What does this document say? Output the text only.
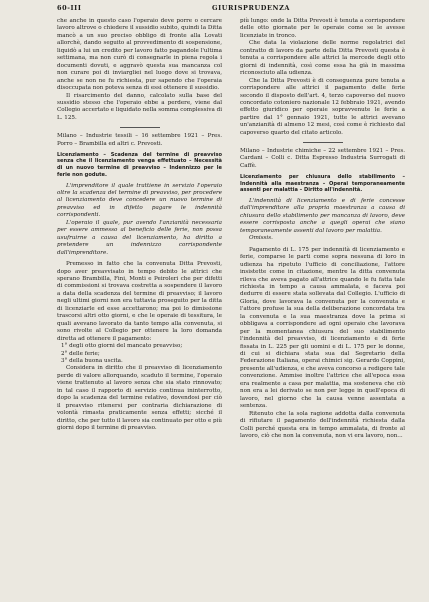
60-III	GIURISPRUDENZA

che anche in questo caso l'operaio deve porre o cercare lavoro altrove o chiedere il sussidio subito, quindi la Ditta mancò a un suo preciso obbligo di fronte alla Lovati allorchè, dando seguito al provvedimento di sospensione, liquidò a lui un credito per lavoro fatto pagandole l'ultima settimana, ma non curò di consegnarle in piena regola i documenti dovuti, e aggravò questa sua mancanza col non curare poi di inviargliei nel luogo dove si trovava, anche se non ne fu richiesta, pur sapendo che l'operaia disoccupata non poteva senza di essi ottenere il sussidio.

Il risarcimento del danno, calcolato sulla base del sussidio stesso che l'operaio ebbe a perdere, viene dal Collegio accertato e liquidato nella somma complessiva di L. 125.

Milano – Industrie tessili – 16 settembre 1921 – Pres. Porro – Brambilla ed altri c. Prevosti.
Licenziamento – Scadenza del termine di preavviso senza che il licenziamento venga effettuato – Necessità di un nuovo termine di preavviso – Indennizzo per le ferie non godute.

L'imprenditore il quale trattiene in servizio l'operaio oltre la scadenza del termine di preavviso, per procedere al licenziamento deve concedere un nuovo termine di preavviso ed in difetto pagare le indennità corrispondenti.

L'operaio il quale, pur avendo l'anzianità necessaria per essere ammesso al beneficio delle ferie, non possa usufruirne a causa del licenziamento, ha diritto a pretendere un indennizzo corrispondente dall'imprenditore.

Premesso in fatto che la convenuta Ditta Prevosti, dopo aver preavvisato in tempo debito le attrici che sperano Brambilla, Fini, Monti e Peiroleri che per difetti di commissioni si trovava costretta a sospendere il lavoro a data della scadenza del termine di preavviso; il lavoro negli ultimi giorni non era tuttavia proseguito per la ditta di licenziarle ed esse accettarono; ma poi lo dimissione trascorsi altri otto giorni, e che le operaie di tessitura, le quali avevano lavorato da tanto tempo alla convenuta, si sono rivolte al Collegio per ottenere la loro domanda diretta ad ottenere il pagamento:

1° degli otto giorni del mancato preavviso;
2° delle ferie;
3° della buona uscita.

Considera in diritto che il preavviso di licenziamento perde di valore allorquando, scaduto il termine, l'operaio viene trattenuto al lavoro senza che sia stato rinnovato; in tal caso il rapporto di servizio continua ininterrotto, dopo la scadenza del termine relativo, dovendosi per ciò il preavviso ritenersi per contraria dichiarazione di volontà rimasta praticamente senza effetti; sicché il diritto, che per tutto il lavoro sia continuato per otto e più giorni dopo il termine di preavviso.

più lungo: onde la Ditta Prevosti è tenuta a corrispondere delle otto giornate per le operaie come se le avesse licenziate in tronco.

Che data la violazione delle norme regolatrici del contratto di lavoro da parte della Ditta Prevosti questa è tenuta a corrispondere alle attrici la mercede degli otto giorni di indennità, così come essa ha già in massima riconosciuto alla udienza.

Che la Ditta Prevosti è di conseguenza pure tenuta a corrispondere alle attrici il pagamento delle ferie secondo il disposto dell'art. 4, terzo capoverso del nuovo concordato cotoniero nazionale 12 febbraio 1921, avendo effetto giuridico per operaie sopravvenute le ferie a partire dal 1° gennaio 1921, tutte le attrici avevano un'anzianità di almeno 12 mesi, così come è richiesto dal capoverso quarto del citato articolo.

Milano – Industrie chimiche – 22 settembre 1921 – Pres. Cardani – Colli c. Ditta Espresso Industria Surrogati di Caffè.
Licenziamento per chiusura dello stabilimento – Indennità alla maestranza – Operai temporaneamente assenti per malattia – Diritto all'indennità.

L'indennità di licenziamento e di ferie concesse dall'imprenditore alla propria maestranza a causa di chiusura dello stabilimento per mancanza di lavoro, deve essere corrisposta anche a quegli operai che siano temporaneamente assenti dal lavoro per malattia.

Omissis.

Pagamento di L. 175 per indennità di licenziamento e ferie, comparse le parti come sopra nessuna di loro in udienza ha ripetuto l'ufficio di conciliazione, l'attore insistette come in citazione, mentre la ditta convenuta rileva che aveva pagato all'attrice quando le fu fatta tale richiesta in tempo a causa ammalata, e faceva poi dedurre di essere stata sollevata dal Collegio. L'ufficio di Gloria, dove lavorava la convenuta per la convenuta e l'attore profuse la sua della deliberazione concordata tra la convenuta e la sua maestranza dove la prima si obbligava a corrispondere ad ogni operaio che lavorava per la momentanea chiusura del suo stabilimento l'indennità del preavviso, di licenziamento e di ferie fissata in L. 225 per gli uomini e di L. 175 per le donne, di cui si dichiara stata sua dal Segretario della Federazione Italiana, operai chimici sig. Gerardo Coppini, presente all'udienza, e che aveva concorso a redigere tale convenzione. Ammise inoltre l'attrice che all'epoca essa era realmente a casa per malattia, ma sosteneva che ciò non era a lei derivato se non per legge in quell'epoca di lavoro, nel giorno che la causa venne assentata a sentenza.

Ritenuto che la sola ragione addotta dalla convenuta di rifiutare il pagamento dell'indennità richiesta dalla Colli perché questa era in tempo ammalata, di fronte al lavoro, ciò che non la convenuta, non vi era lavoro, non...
